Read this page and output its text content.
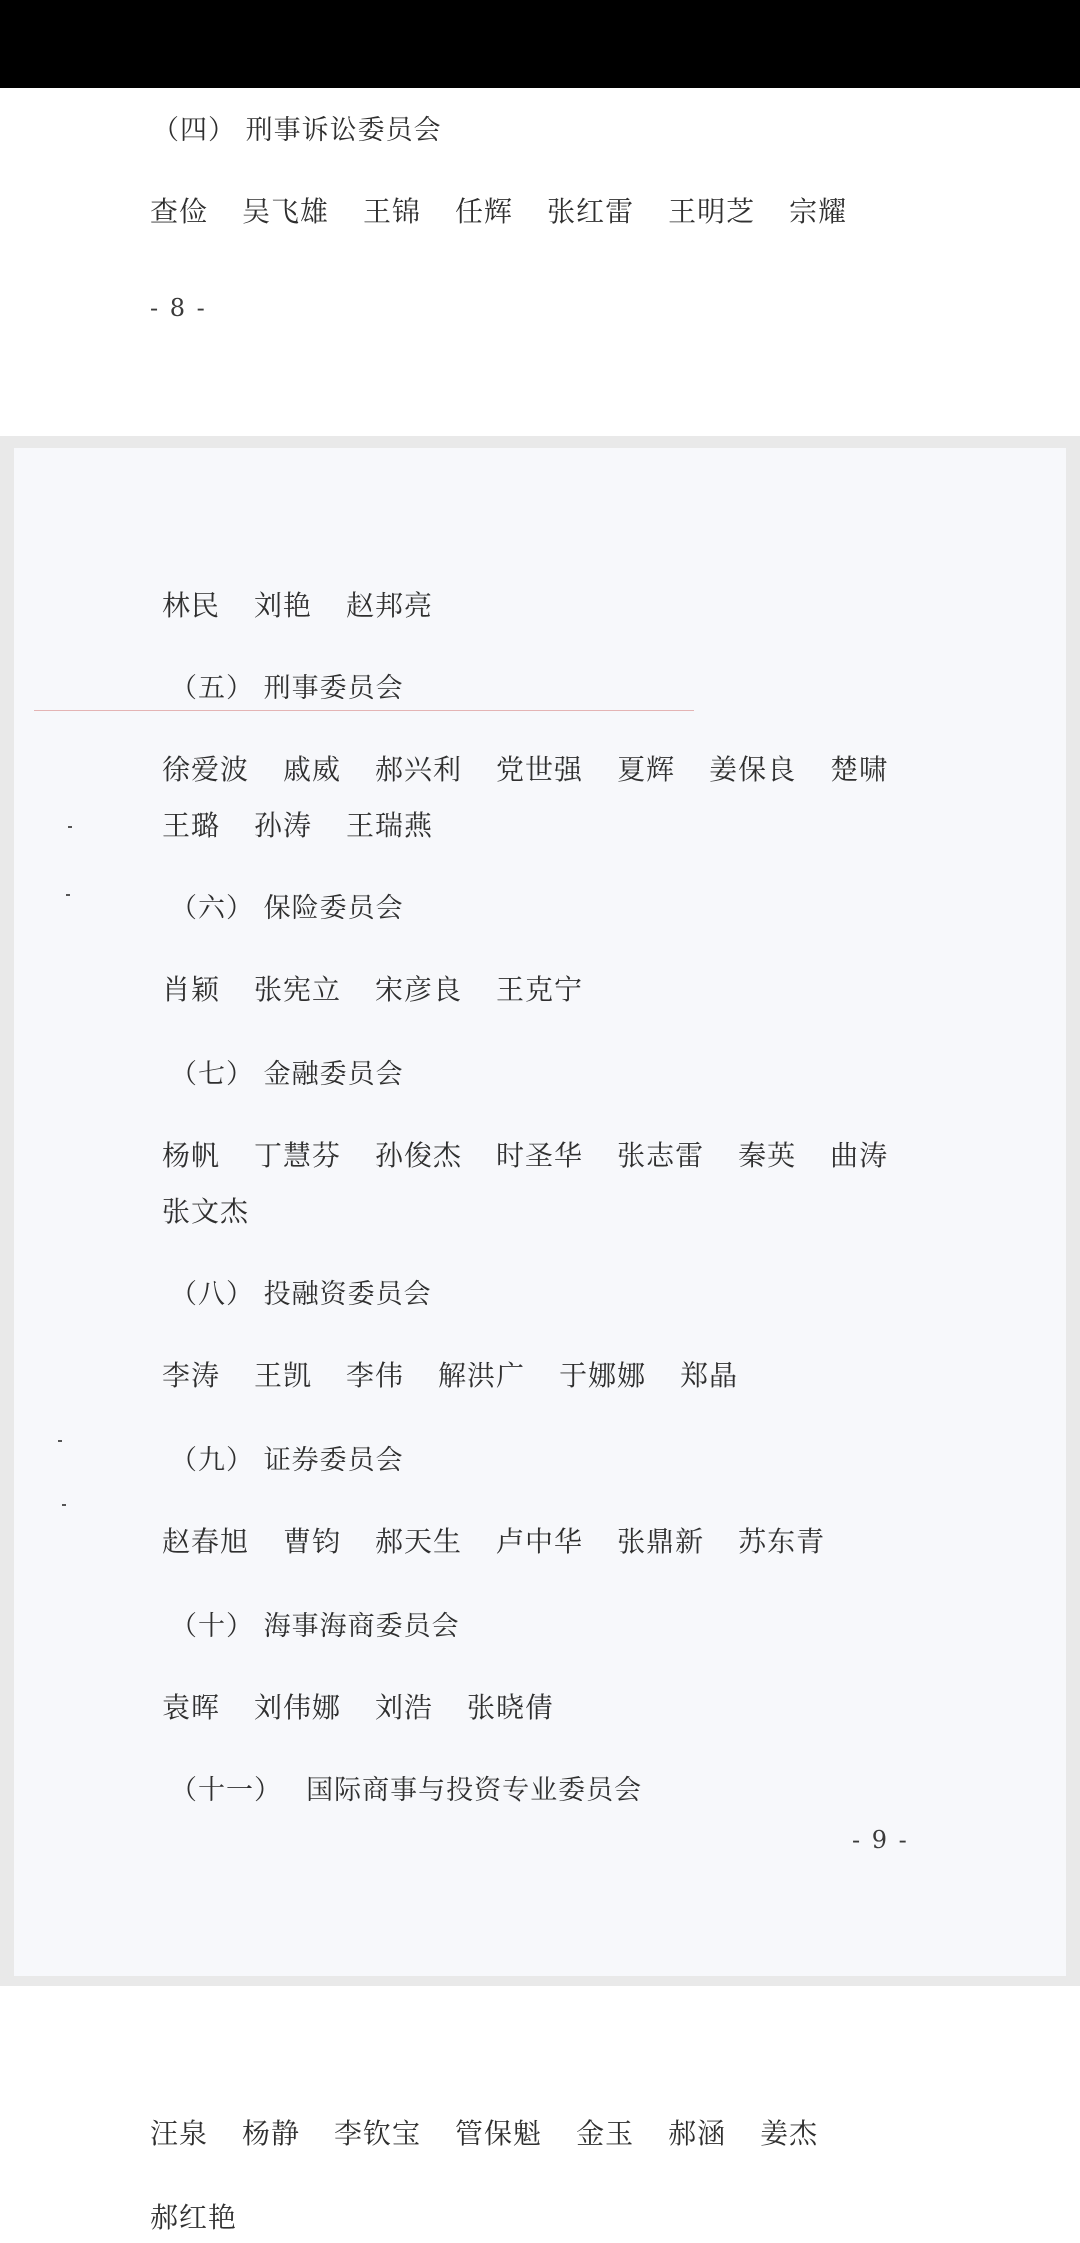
（四） 刑事诉讼委员会
查俭 吴飞雄 王锦 任辉 张红雷 王明芝 宗耀
- 8 -
林民 刘艳 赵邦亮
（五） 刑事委员会
徐爱波 戚威 郝兴利 党世强 夏辉 姜保良 楚啸
王璐 孙涛 王瑞燕
（六） 保险委员会
肖颖 张宪立 宋彦良 王克宁
（七） 金融委员会
杨帆 丁慧芬 孙俊杰 时圣华 张志雷 秦英 曲涛
张文杰
（八） 投融资委员会
李涛 王凯 李伟 解洪广 于娜娜 郑晶
（九） 证券委员会
赵春旭 曹钧 郝天生 卢中华 张鼎新 苏东青
（十） 海事海商委员会
袁晖 刘伟娜 刘浩 张晓倩
（十一）　 国际商事与投资专业委员会
- 9 -
汪泉 杨静 李钦宝 管保魁 金玉 郝涵 姜杰
郝红艳
